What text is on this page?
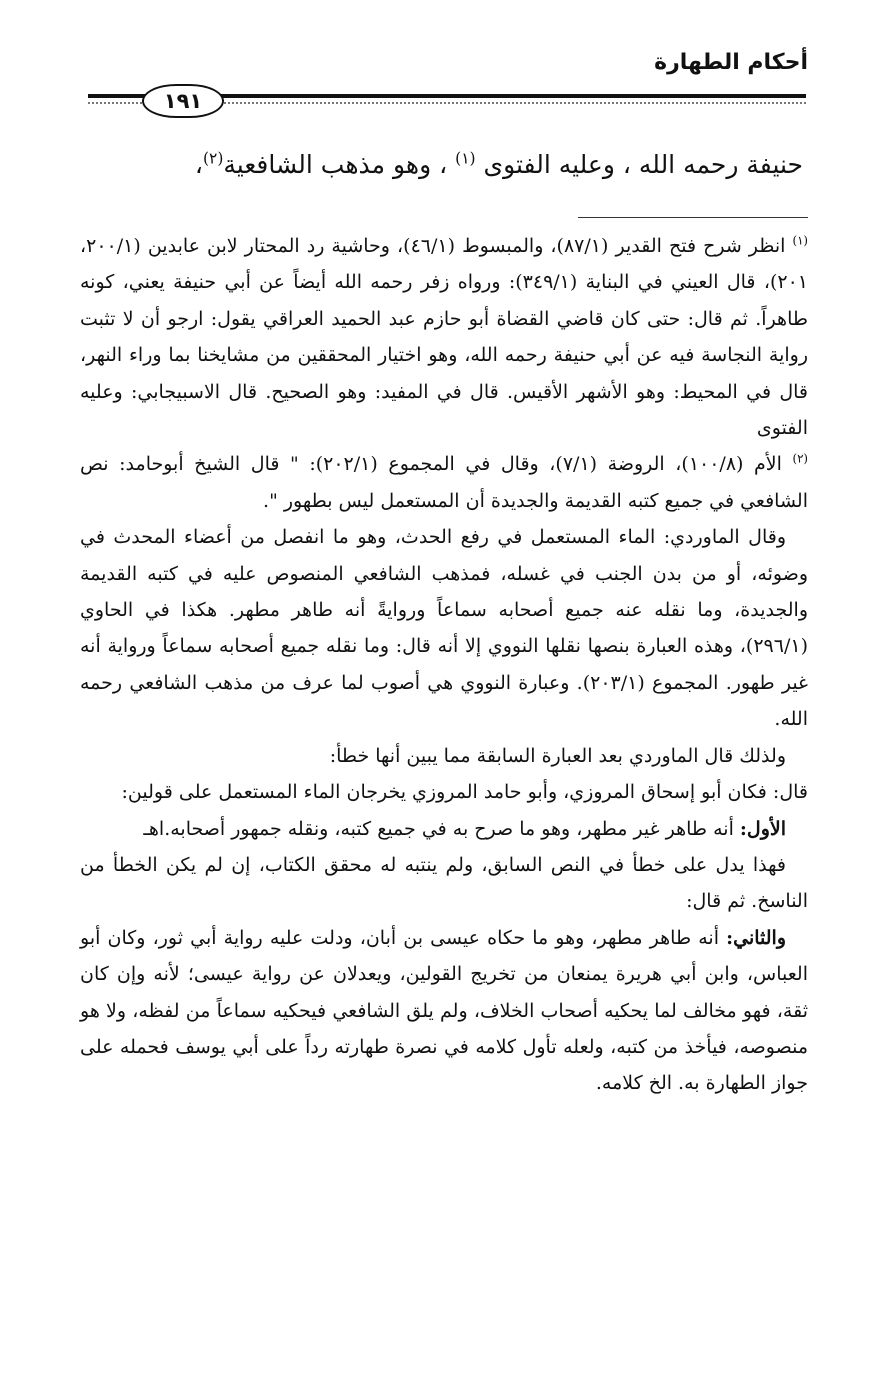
أحكام الطهارة
١٩١
حنيفة رحمه الله ، وعليه الفتوى $^{(١)}$ ، وهو مذهب الشافعية$^{(٢)}$،

$^{(١)}$ انظر شرح فتح القدير (٨٧/١)، والمبسوط (٤٦/١)، وحاشية رد المحتار لابن عابدين (٢٠٠/١، ٢٠١)، قال العيني في البناية (٣٤٩/١): ورواه زفر رحمه الله أيضاً عن أبي حنيفة يعني، كونه طاهراً. ثم قال: حتى كان قاضي القضاة أبو حازم عبد الحميد العراقي يقول: ارجو أن لا تثبت رواية النجاسة فيه عن أبي حنيفة رحمه الله، وهو اختيار المحققين من مشايخنا بما وراء النهر، قال في المحيط: وهو الأشهر الأقيس. قال في المفيد: وهو الصحيح. قال الاسبيجابي: وعليه الفتوى

$^{(٢)}$ الأم (١٠٠/٨)، الروضة (٧/١)، وقال في المجموع (٢٠٢/١): " قال الشيخ أبوحامد: نص الشافعي في جميع كتبه القديمة والجديدة أن المستعمل ليس بطهور ".

وقال الماوردي: الماء المستعمل في رفع الحدث، وهو ما انفصل من أعضاء المحدث في وضوئه، أو من بدن الجنب في غسله، فمذهب الشافعي المنصوص عليه في كتبه القديمة والجديدة، وما نقله عنه جميع أصحابه سماعاً وروايةً أنه طاهر مطهر. هكذا في الحاوي (٢٩٦/١)، وهذه العبارة بنصها نقلها النووي إلا أنه قال: وما نقله جميع أصحابه سماعاً ورواية أنه غير طهور. المجموع (٢٠٣/١). وعبارة النووي هي أصوب لما عرف من مذهب الشافعي رحمه الله.

ولذلك قال الماوردي بعد العبارة السابقة مما يبين أنها خطأ:

قال: فكان أبو إسحاق المروزي، وأبو حامد المروزي يخرجان الماء المستعمل على قولين:

الأول: أنه طاهر غير مطهر، وهو ما صرح به في جميع كتبه، ونقله جمهور أصحابه.اهـ

فهذا يدل على خطأ في النص السابق، ولم ينتبه له محقق الكتاب، إن لم يكن الخطأ من الناسخ. ثم قال:

والثاني: أنه طاهر مطهر، وهو ما حكاه عيسى بن أبان، ودلت عليه رواية أبي ثور، وكان أبو العباس، وابن أبي هريرة يمنعان من تخريج القولين، ويعدلان عن رواية عيسى؛ لأنه وإن كان ثقة، فهو مخالف لما يحكيه أصحاب الخلاف، ولم يلق الشافعي فيحكيه سماعاً من لفظه، ولا هو منصوصه، فيأخذ من كتبه، ولعله تأول كلامه في نصرة طهارته رداً على أبي يوسف فحمله على جواز الطهارة به. الخ كلامه.
